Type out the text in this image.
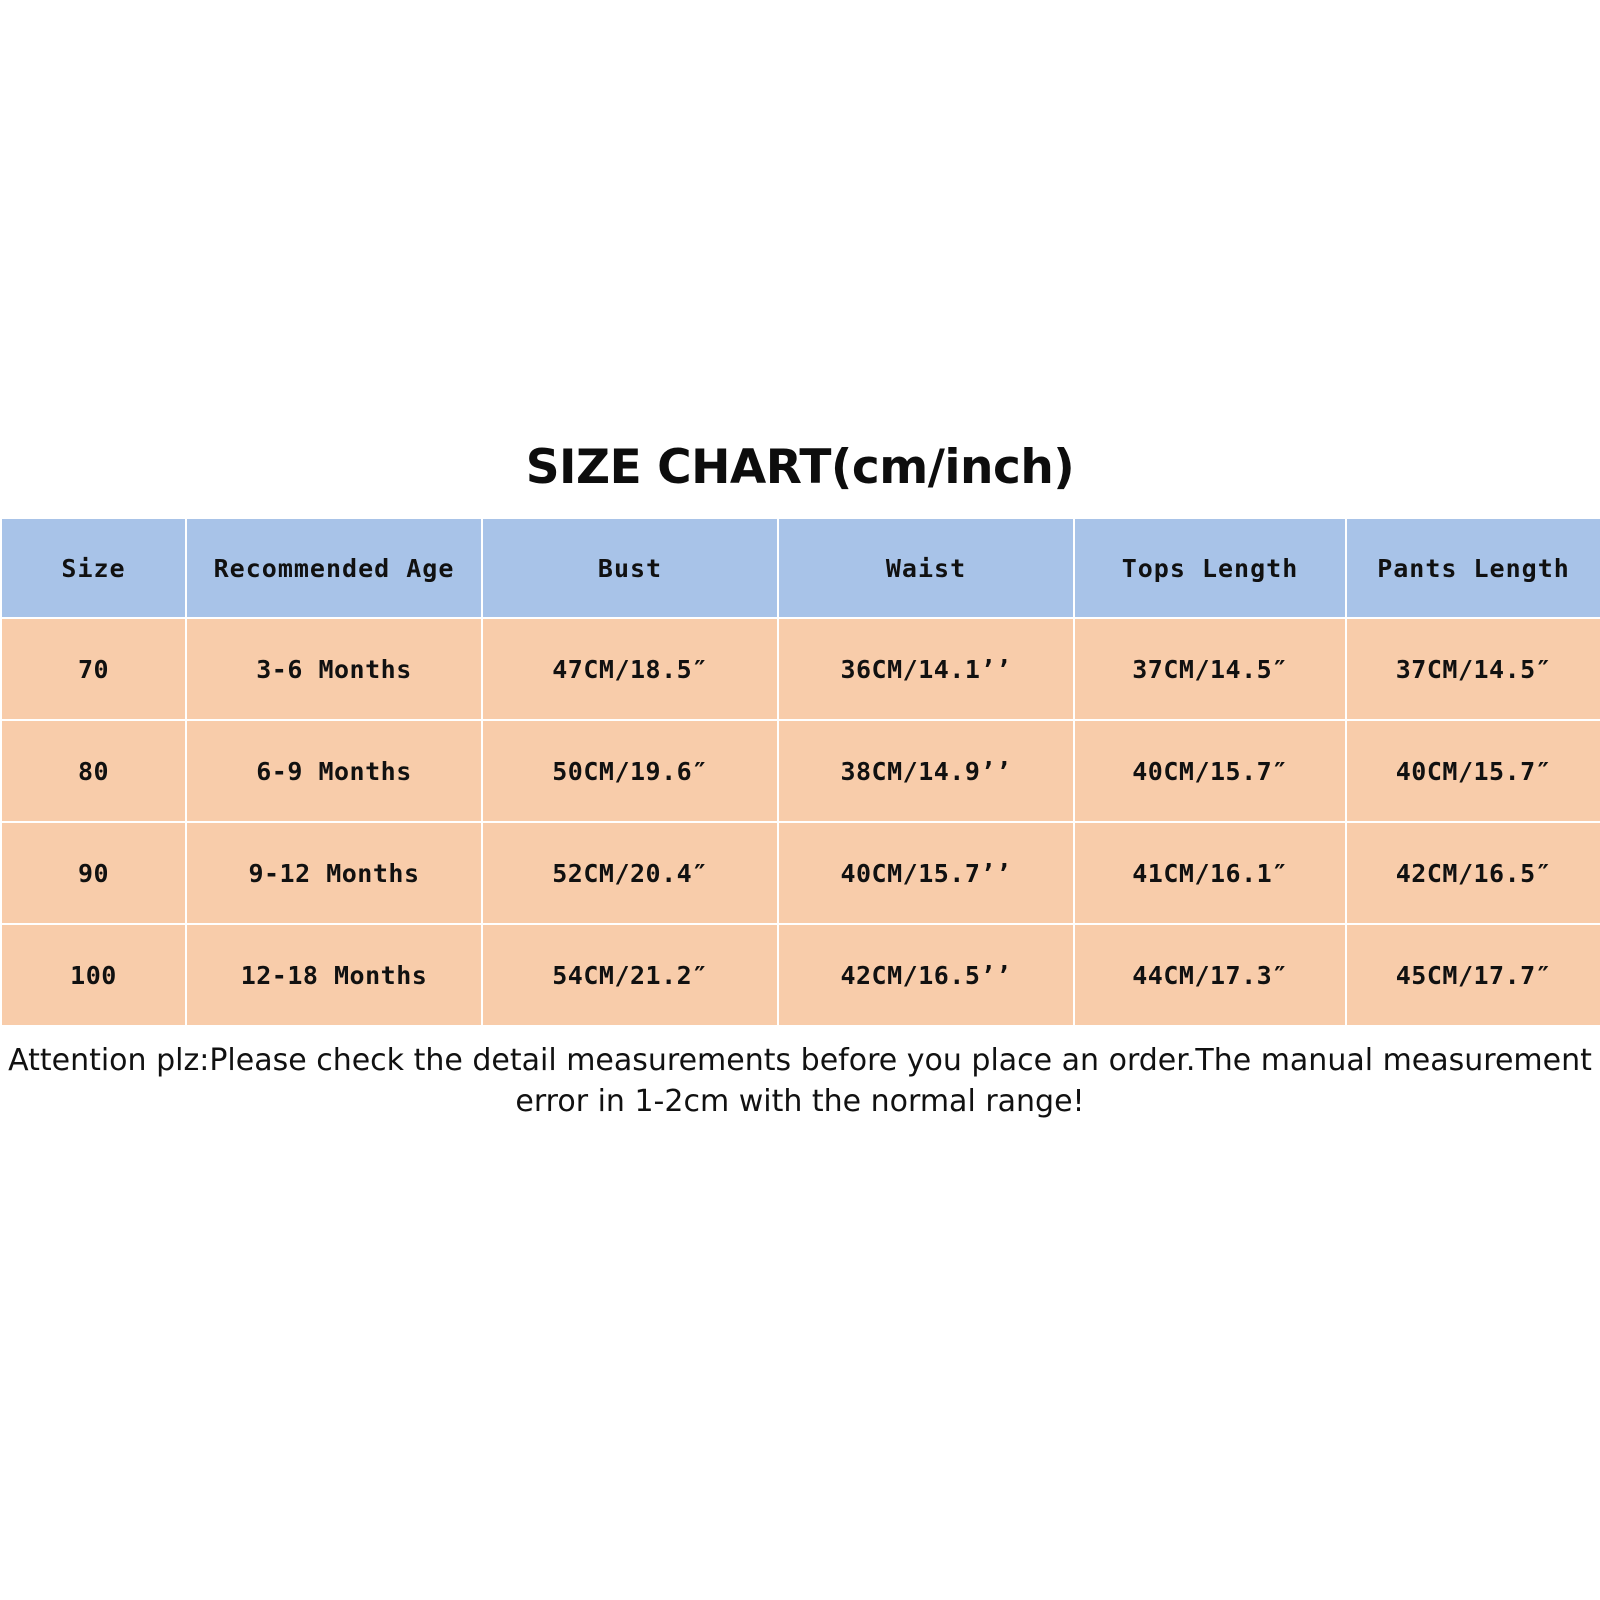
SIZE CHART(cm/inch)
Size	Recommended Age	Bust	Waist	Tops Length	Pants Length
70	3-6 Months	47CM/18.5″	36CM/14.1’’	37CM/14.5″	37CM/14.5″
80	6-9 Months	50CM/19.6″	38CM/14.9’’	40CM/15.7″	40CM/15.7″
90	9-12 Months	52CM/20.4″	40CM/15.7’’	41CM/16.1″	42CM/16.5″
100	12-18 Months	54CM/21.2″	42CM/16.5’’	44CM/17.3″	45CM/17.7″
Attention plz:Please check the detail measurements before you place an order.The manual measurement error in 1-2cm with the normal range!
